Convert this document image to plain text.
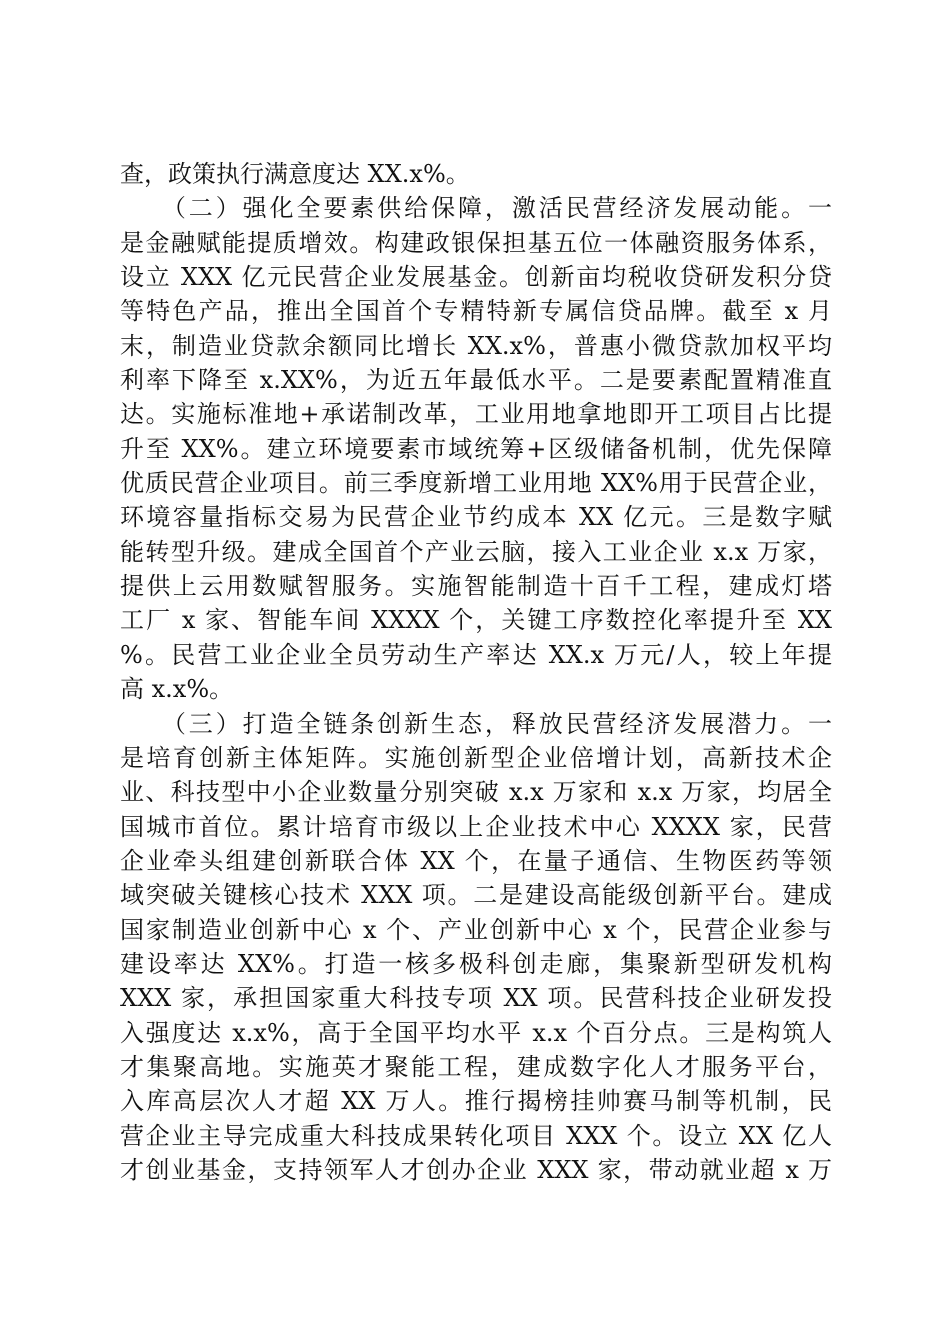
查，政策执行满意度达 XX.x%。
　　（二）强化全要素供给保障，激活民营经济发展动能。一
是金融赋能提质增效。构建政银保担基五位一体融资服务体系，
设立 XXX 亿元民营企业发展基金。创新亩均税收贷研发积分贷
等特色产品，推出全国首个专精特新专属信贷品牌。截至 x 月
末，制造业贷款余额同比增长 XX.x%，普惠小微贷款加权平均
利率下降至 x.XX%，为近五年最低水平。二是要素配置精准直
达。实施标准地+承诺制改革，工业用地拿地即开工项目占比提
升至 XX%。建立环境要素市域统筹+区级储备机制，优先保障
优质民营企业项目。前三季度新增工业用地 XX%用于民营企业，
环境容量指标交易为民营企业节约成本 XX 亿元。三是数字赋
能转型升级。建成全国首个产业云脑，接入工业企业 x.x 万家，
提供上云用数赋智服务。实施智能制造十百千工程，建成灯塔
工厂 x 家、智能车间 XXXX 个，关键工序数控化率提升至 XX
%。民营工业企业全员劳动生产率达 XX.x 万元/人，较上年提
高 x.x%。
　　（三）打造全链条创新生态，释放民营经济发展潜力。一
是培育创新主体矩阵。实施创新型企业倍增计划，高新技术企
业、科技型中小企业数量分别突破 x.x 万家和 x.x 万家，均居全
国城市首位。累计培育市级以上企业技术中心 XXXX 家，民营
企业牵头组建创新联合体 XX 个，在量子通信、生物医药等领
域突破关键核心技术 XXX 项。二是建设高能级创新平台。建成
国家制造业创新中心 x 个、产业创新中心 x 个，民营企业参与
建设率达 XX%。打造一核多极科创走廊，集聚新型研发机构
XXX 家，承担国家重大科技专项 XX 项。民营科技企业研发投
入强度达 x.x%，高于全国平均水平 x.x 个百分点。三是构筑人
才集聚高地。实施英才聚能工程，建成数字化人才服务平台，
入库高层次人才超 XX 万人。推行揭榜挂帅赛马制等机制，民
营企业主导完成重大科技成果转化项目 XXX 个。设立 XX 亿人
才创业基金，支持领军人才创办企业 XXX 家，带动就业超 x 万
